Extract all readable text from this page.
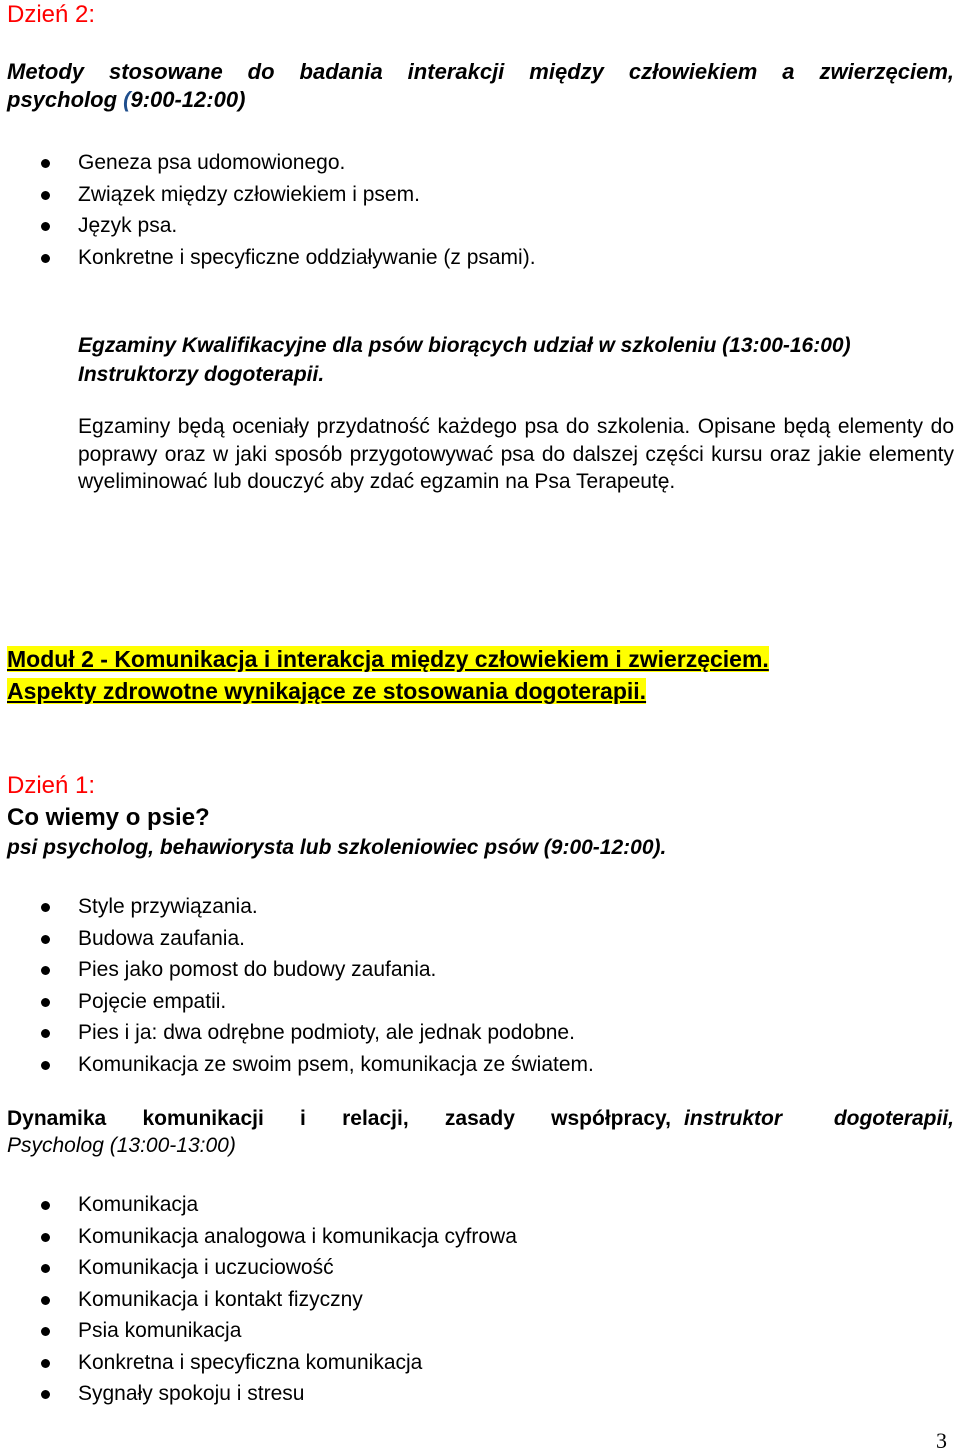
Dzień 2:
Metody stosowane do badania interakcji między człowiekiem a zwierzęciem,
psycholog (9:00-12:00)
Geneza psa udomowionego.
Związek między człowiekiem i psem.
Język psa.
Konkretne i specyficzne oddziaływanie (z psami).
Egzaminy Kwalifikacyjne dla psów biorących udział w szkoleniu (13:00-16:00)
Instruktorzy dogoterapii.
Egzaminy będą oceniały przydatność każdego psa do szkolenia. Opisane będą elementy do poprawy oraz w jaki sposób przygotowywać psa do dalszej części kursu oraz jakie elementy wyeliminować lub douczyć aby zdać egzamin na Psa Terapeutę.
Moduł 2 - Komunikacja i interakcja między człowiekiem i zwierzęciem.
Aspekty zdrowotne wynikające ze stosowania dogoterapii.
Dzień 1:
Co wiemy o psie?
psi psycholog, behawiorysta lub szkoleniowiec psów (9:00-12:00).
Style przywiązania.
Budowa zaufania.
Pies jako pomost do budowy zaufania.
Pojęcie empatii.
Pies i ja: dwa odrębne podmioty, ale jednak podobne.
Komunikacja ze swoim psem, komunikacja ze światem.
Dynamika komunikacji i relacji, zasady współpracy, instruktor dogoterapii,
Psycholog (13:00-13:00)
Komunikacja
Komunikacja analogowa i komunikacja cyfrowa
Komunikacja i uczuciowość
Komunikacja i kontakt fizyczny
Psia komunikacja
Konkretna i specyficzna komunikacja
Sygnały spokoju i stresu
3
